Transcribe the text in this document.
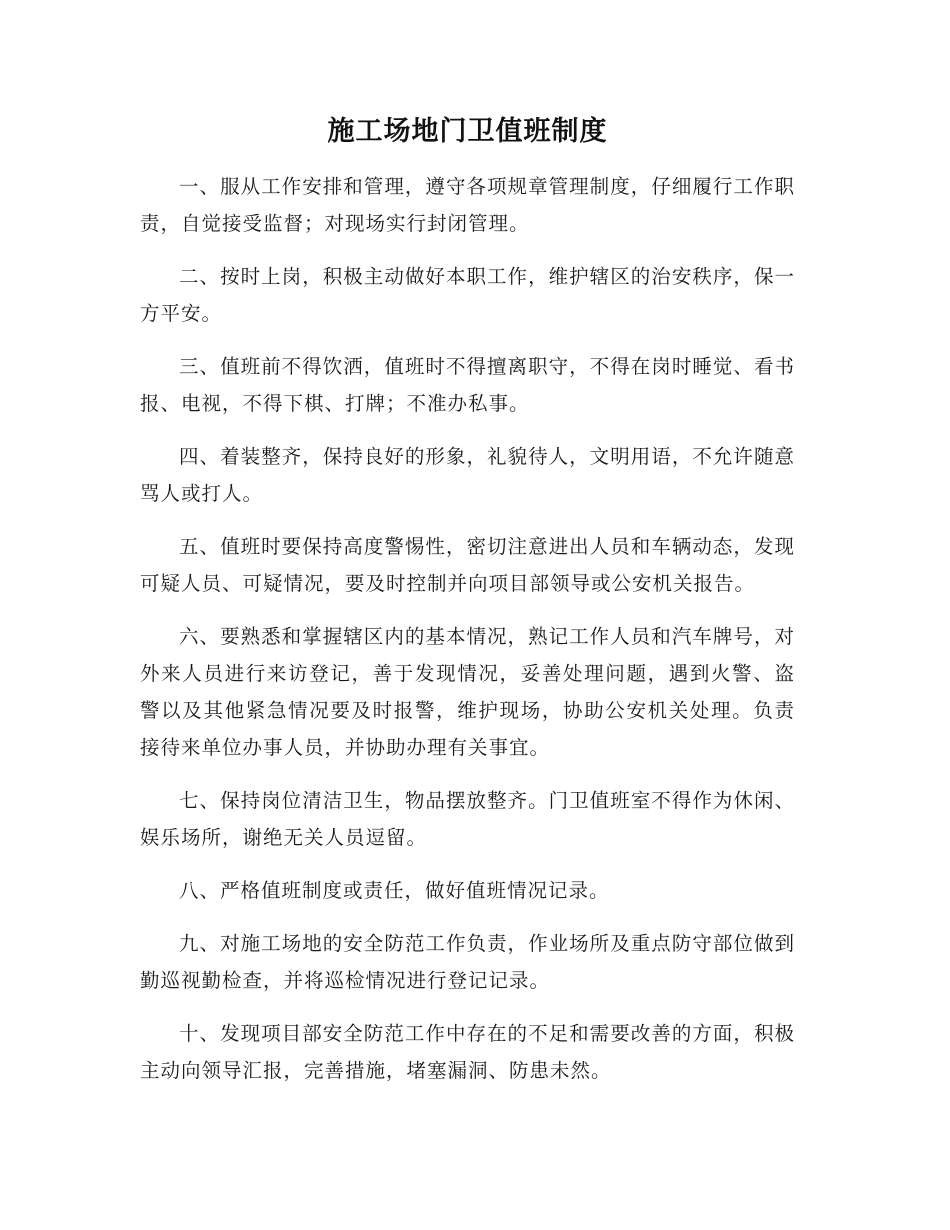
施工场地门卫值班制度

一、服从工作安排和管理，遵守各项规章管理制度，仔细履行工作职责，自觉接受监督；对现场实行封闭管理。

二、按时上岗，积极主动做好本职工作，维护辖区的治安秩序，保一方平安。

三、值班前不得饮洒，值班时不得擅离职守，不得在岗时睡觉、看书报、电视，不得下棋、打牌；不准办私事。

四、着装整齐，保持良好的形象，礼貌待人，文明用语，不允许随意骂人或打人。

五、值班时要保持高度警惕性，密切注意进出人员和车辆动态，发现可疑人员、可疑情况，要及时控制并向项目部领导或公安机关报告。

六、要熟悉和掌握辖区内的基本情况，熟记工作人员和汽车牌号，对外来人员进行来访登记，善于发现情况，妥善处理问题，遇到火警、盗警以及其他紧急情况要及时报警，维护现场，协助公安机关处理。负责接待来单位办事人员，并协助办理有关事宜。

七、保持岗位清洁卫生，物品摆放整齐。门卫值班室不得作为休闲、娱乐场所，谢绝无关人员逗留。

八、严格值班制度或责任，做好值班情况记录。

九、对施工场地的安全防范工作负责，作业场所及重点防守部位做到勤巡视勤检查，并将巡检情况进行登记记录。

十、发现项目部安全防范工作中存在的不足和需要改善的方面，积极主动向领导汇报，完善措施，堵塞漏洞、防患未然。
